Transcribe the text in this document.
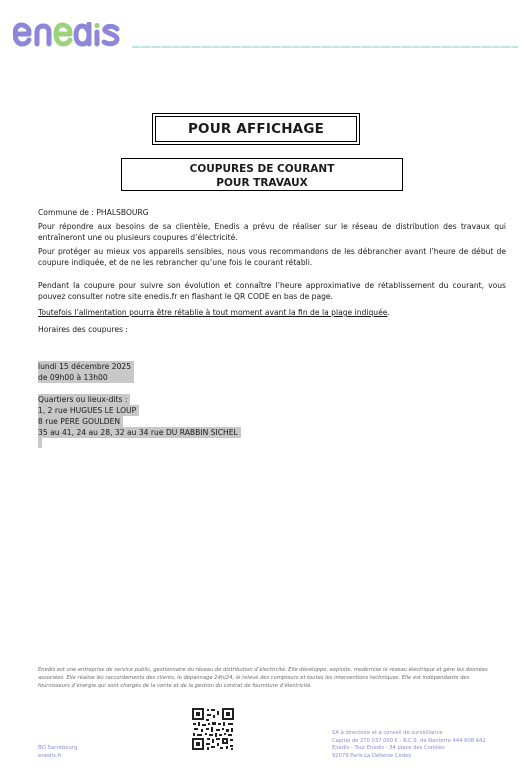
POUR AFFICHAGE
COUPURES DE COURANT
POUR TRAVAUX
Commune de : PHALSBOURG
Pour répondre aux besoins de sa clientèle, Enedis a prévu de réaliser sur le réseau de distribution des travaux qui entraîneront une ou plusieurs coupures d’électricité.
Pour protéger au mieux vos appareils sensibles, nous vous recommandons de les débrancher avant l’heure de début de coupure indiquée, et de ne les rebrancher qu’une fois le courant rétabli.
Pendant la coupure pour suivre son évolution et connaître l’heure approximative de rétablissement du courant, vous pouvez consulter notre site enedis.fr en flashant le QR CODE en bas de page.
Toutefois l’alimentation pourra être rétablie à tout moment avant la fin de la plage indiquée.
Horaires des coupures :
lundi 15 décembre 2025
de 09h00 à 13h00
Quartiers ou lieux-dits :
1, 2 rue HUGUES LE LOUP
8 rue PERE GOULDEN
35 au 41, 24 au 28, 32 au 34 rue DU RABBIN SICHEL

Enedis est une entreprise de service public, gestionnaire du réseau de distribution d’électricité. Elle développe, exploite, modernise le réseau électrique et gère les données associées. Elle réalise les raccordements des clients, le dépannage 24h/24, le relevé des compteurs et toutes les interventions techniques. Elle est indépendante des fournisseurs d’énergie qui sont chargés de la vente et de la gestion du contrat de fourniture d’électricité.
BO Sarrebourg
enedis.fr
SA à directoire et à conseil de surveillance
Capital de 270 037 000 € - R.C.S. de Nanterre 444 608 442
Enedis - Tour Enedis - 34 place des Corolles
92079 Paris La Défense Cedex
